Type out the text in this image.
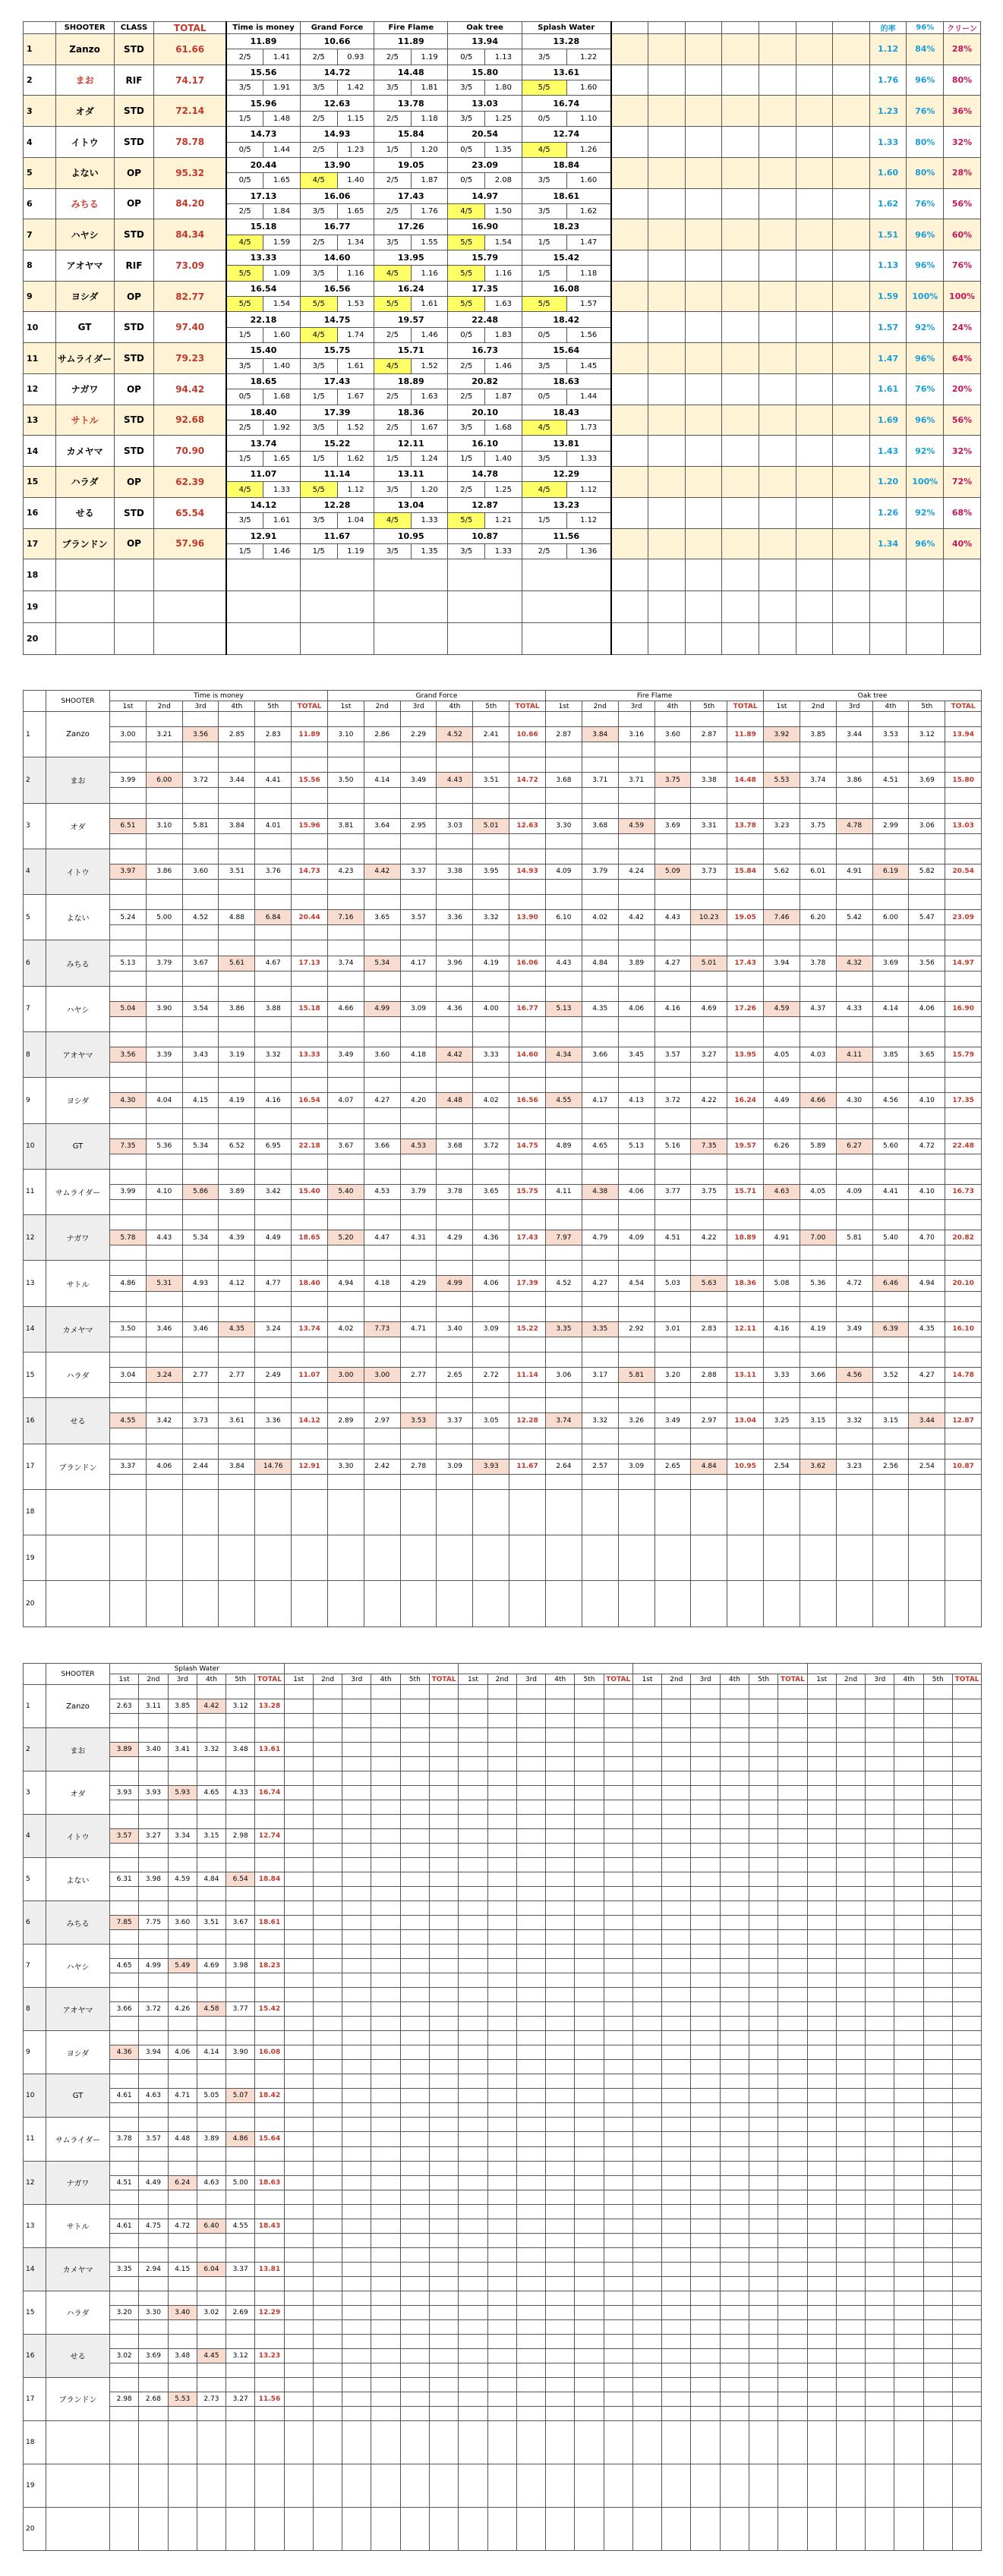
	SHOOTER	CLASS	TOTAL	Time is money		Grand Force		Fire Flame		Oak tree		Splash Water									的率	96%	クリーン
1	Zanzo	STD	61.66	11.89		10.66		11.89		13.94		13.28									1.12	84%	28%
				2/5	1.41	2/5	0.93	2/5	1.19	0/5	1.13	3/5	1.22										
2	まお	RIF	74.17	15.56		14.72		14.48		15.80		13.61									1.76	96%	80%
				3/5	1.91	3/5	1.42	3/5	1.81	3/5	1.80	5/5	1.60										
3	オダ	STD	72.14	15.96		12.63		13.78		13.03		16.74									1.23	76%	36%
				1/5	1.48	2/5	1.15	2/5	1.18	3/5	1.25	0/5	1.10										
4	イトウ	STD	78.78	14.73		14.93		15.84		20.54		12.74									1.33	80%	32%
				0/5	1.44	2/5	1.23	1/5	1.20	0/5	1.35	4/5	1.26										
5	よない	OP	95.32	20.44		13.90		19.05		23.09		18.84									1.60	80%	28%
				0/5	1.65	4/5	1.40	2/5	1.87	0/5	2.08	3/5	1.60										
6	みちる	OP	84.20	17.13		16.06		17.43		14.97		18.61									1.62	76%	56%
				2/5	1.84	3/5	1.65	2/5	1.76	4/5	1.50	3/5	1.62										
7	ハヤシ	STD	84.34	15.18		16.77		17.26		16.90		18.23									1.51	96%	60%
				4/5	1.59	2/5	1.34	3/5	1.55	5/5	1.54	1/5	1.47										
8	アオヤマ	RIF	73.09	13.33		14.60		13.95		15.79		15.42									1.13	96%	76%
				5/5	1.09	3/5	1.16	4/5	1.16	5/5	1.16	1/5	1.18										
9	ヨシダ	OP	82.77	16.54		16.56		16.24		17.35		16.08									1.59	100%	100%
				5/5	1.54	5/5	1.53	5/5	1.61	5/5	1.63	5/5	1.57										
10	GT	STD	97.40	22.18		14.75		19.57		22.48		18.42									1.57	92%	24%
				1/5	1.60	4/5	1.74	2/5	1.46	0/5	1.83	0/5	1.56										
11	サムライダー	STD	79.23	15.40		15.75		15.71		16.73		15.64									1.47	96%	64%
				3/5	1.40	3/5	1.61	4/5	1.52	2/5	1.46	3/5	1.45										
12	ナガワ	OP	94.42	18.65		17.43		18.89		20.82		18.63									1.61	76%	20%
				0/5	1.68	1/5	1.67	2/5	1.63	2/5	1.87	0/5	1.44										
13	サトル	STD	92.68	18.40		17.39		18.36		20.10		18.43									1.69	96%	56%
				2/5	1.92	3/5	1.52	2/5	1.67	3/5	1.68	4/5	1.73										
14	カメヤマ	STD	70.90	13.74		15.22		12.11		16.10		13.81									1.43	92%	32%
				1/5	1.65	1/5	1.62	1/5	1.24	1/5	1.40	3/5	1.33										
15	ハラダ	OP	62.39	11.07		11.14		13.11		14.78		12.29									1.20	100%	72%
				4/5	1.33	5/5	1.12	3/5	1.20	2/5	1.25	4/5	1.12										
16	せる	STD	65.54	14.12		12.28		13.04		12.87		13.23									1.26	92%	68%
				3/5	1.61	3/5	1.04	4/5	1.33	5/5	1.21	1/5	1.12										
17	ブランドン	OP	57.96	12.91		11.67		10.95		10.87		11.56									1.34	96%	40%
				1/5	1.46	1/5	1.19	3/5	1.35	3/5	1.33	2/5	1.36										
18																							
19																							
20																							
	SHOOTER	Time is money						Grand Force						Fire Flame						Oak tree					
		1st	2nd	3rd	4th	5th	TOTAL	1st	2nd	3rd	4th	5th	TOTAL	1st	2nd	3rd	4th	5th	TOTAL	1st	2nd	3rd	4th	5th	TOTAL
1	Zanzo																								
		3.00	3.21	3.56	2.85	2.83	11.89	3.10	2.86	2.29	4.52	2.41	10.66	2.87	3.84	3.16	3.60	2.87	11.89	3.92	3.85	3.44	3.53	3.12	13.94

2	まお																								
		3.99	6.00	3.72	3.44	4.41	15.56	3.50	4.14	3.49	4.43	3.51	14.72	3.68	3.71	3.71	3.75	3.38	14.48	5.53	3.74	3.86	4.51	3.69	15.80

3	オダ																								
		6.51	3.10	5.81	3.84	4.01	15.96	3.81	3.64	2.95	3.03	5.01	12.63	3.30	3.68	4.59	3.69	3.31	13.78	3.23	3.75	4.78	2.99	3.06	13.03

4	イトウ																								
		3.97	3.86	3.60	3.51	3.76	14.73	4.23	4.42	3.37	3.38	3.95	14.93	4.09	3.79	4.24	5.09	3.73	15.84	5.62	6.01	4.91	6.19	5.82	20.54

5	よない																								
		5.24	5.00	4.52	4.88	6.84	20.44	7.16	3.65	3.57	3.36	3.32	13.90	6.10	4.02	4.42	4.43	10.23	19.05	7.46	6.20	5.42	6.00	5.47	23.09

6	みちる																								
		5.13	3.79	3.67	5.61	4.67	17.13	3.74	5.34	4.17	3.96	4.19	16.06	4.43	4.84	3.89	4.27	5.01	17.43	3.94	3.78	4.32	3.69	3.56	14.97

7	ハヤシ																								
		5.04	3.90	3.54	3.86	3.88	15.18	4.66	4.99	3.09	4.36	4.00	16.77	5.13	4.35	4.06	4.16	4.69	17.26	4.59	4.37	4.33	4.14	4.06	16.90

8	アオヤマ																								
		3.56	3.39	3.43	3.19	3.32	13.33	3.49	3.60	4.18	4.42	3.33	14.60	4.34	3.66	3.45	3.57	3.27	13.95	4.05	4.03	4.11	3.85	3.65	15.79

9	ヨシダ																								
		4.30	4.04	4.15	4.19	4.16	16.54	4.07	4.27	4.20	4.48	4.02	16.56	4.55	4.17	4.13	3.72	4.22	16.24	4.49	4.66	4.30	4.56	4.10	17.35

10	GT																								
		7.35	5.36	5.34	6.52	6.95	22.18	3.67	3.66	4.53	3.68	3.72	14.75	4.89	4.65	5.13	5.16	7.35	19.57	6.26	5.89	6.27	5.60	4.72	22.48

11	サムライダー																								
		3.99	4.10	5.86	3.89	3.42	15.40	5.40	4.53	3.79	3.78	3.65	15.75	4.11	4.38	4.06	3.77	3.75	15.71	4.63	4.05	4.09	4.41	4.10	16.73

12	ナガワ																								
		5.78	4.43	5.34	4.39	4.49	18.65	5.20	4.47	4.31	4.29	4.36	17.43	7.97	4.79	4.09	4.51	4.22	18.89	4.91	7.00	5.81	5.40	4.70	20.82

13	サトル																								
		4.86	5.31	4.93	4.12	4.77	18.40	4.94	4.18	4.29	4.99	4.06	17.39	4.52	4.27	4.54	5.03	5.63	18.36	5.08	5.36	4.72	6.46	4.94	20.10

14	カメヤマ																								
		3.50	3.46	3.46	4.35	3.24	13.74	4.02	7.73	4.71	3.40	3.09	15.22	3.35	3.35	2.92	3.01	2.83	12.11	4.16	4.19	3.49	6.39	4.35	16.10

15	ハラダ																								
		3.04	3.24	2.77	2.77	2.49	11.07	3.00	3.00	2.77	2.65	2.72	11.14	3.06	3.17	5.81	3.20	2.88	13.11	3.33	3.66	4.56	3.52	4.27	14.78

16	せる																								
		4.55	3.42	3.73	3.61	3.36	14.12	2.89	2.97	3.53	3.37	3.05	12.28	3.74	3.32	3.26	3.49	2.97	13.04	3.25	3.15	3.32	3.15	3.44	12.87

17	ブランドン																								
		3.37	4.06	2.44	3.84	14.76	12.91	3.30	2.42	2.78	3.09	3.93	11.67	2.64	2.57	3.09	2.65	4.84	10.95	2.54	3.62	3.23	2.56	2.54	10.87

18																									
19																									
20																									
	SHOOTER	Splash Water																													
		1st	2nd	3rd	4th	5th	TOTAL	1st	2nd	3rd	4th	5th	TOTAL	1st	2nd	3rd	4th	5th	TOTAL	1st	2nd	3rd	4th	5th	TOTAL	1st	2nd	3rd	4th	5th	TOTAL
1	Zanzo																														
		2.63	3.11	3.85	4.42	3.12	13.28																								

2	まお																														
		3.89	3.40	3.41	3.32	3.48	13.61																								

3	オダ																														
		3.93	3.93	5.93	4.65	4.33	16.74																								

4	イトウ																														
		3.57	3.27	3.34	3.15	2.98	12.74																								

5	よない																														
		6.31	3.98	4.59	4.84	6.54	18.84																								

6	みちる																														
		7.85	7.75	3.60	3.51	3.67	18.61																								

7	ハヤシ																														
		4.65	4.99	5.49	4.69	3.98	18.23																								

8	アオヤマ																														
		3.66	3.72	4.26	4.58	3.77	15.42																								

9	ヨシダ																														
		4.36	3.94	4.06	4.14	3.90	16.08																								

10	GT																														
		4.61	4.63	4.71	5.05	5.07	18.42																								

11	サムライダー																														
		3.78	3.57	4.48	3.89	4.86	15.64																								

12	ナガワ																														
		4.51	4.49	6.24	4.63	5.00	18.63																								

13	サトル																														
		4.61	4.75	4.72	6.40	4.55	18.43																								

14	カメヤマ																														
		3.35	2.94	4.15	6.04	3.37	13.81																								

15	ハラダ																														
		3.20	3.30	3.40	3.02	2.69	12.29																								

16	せる																														
		3.02	3.69	3.48	4.45	3.12	13.23																								

17	ブランドン																														
		2.98	2.68	5.53	2.73	3.27	11.56																								

18																															
19																															
20																															
